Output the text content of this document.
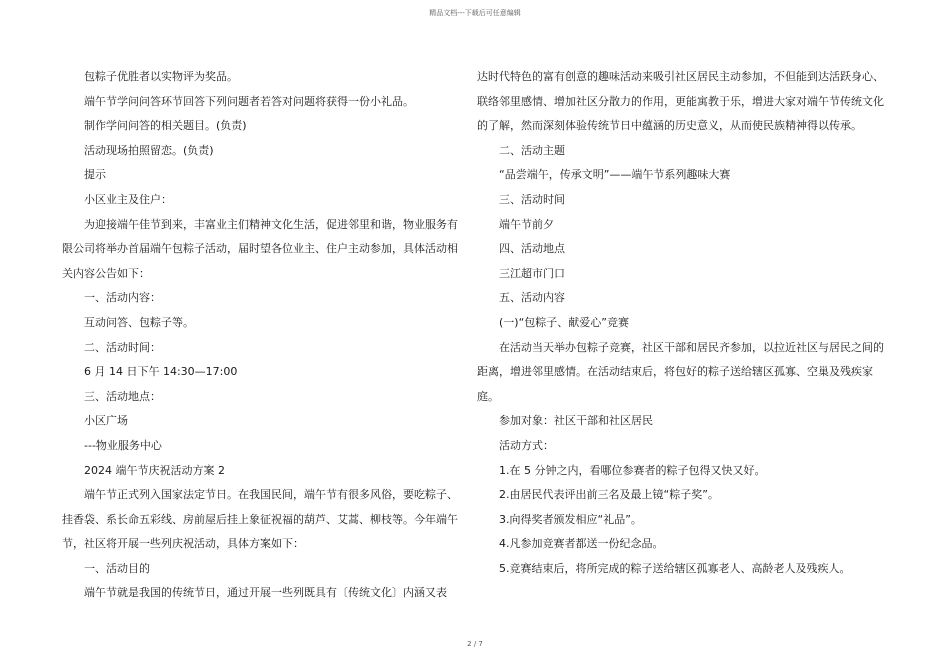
精品文档---下载后可任意编辑

包粽子优胜者以实物评为奖品。

端午节学问问答环节回答下列问题者若答对问题将获得一份小礼品。

制作学问问答的相关题目。(负责)

活动现场拍照留恋。(负责)

提示

小区业主及住户：

为迎接端午佳节到来，丰富业主们精神文化生活，促进邻里和谐，物业服务有限公司将举办首届端午包粽子活动，届时望各位业主、住户主动参加，具体活动相关内容公告如下：

一、活动内容：

互动问答、包粽子等。

二、活动时间：

6 月 14 日下午 14:30—17:00

三、活动地点：

小区广场

---物业服务中心

2024 端午节庆祝活动方案 2

端午节正式列入国家法定节日。在我国民间，端午节有很多风俗，要吃粽子、挂香袋、系长命五彩线、房前屋后挂上象征祝福的葫芦、艾蒿、柳枝等。今年端午节，社区将开展一些列庆祝活动，具体方案如下：

一、活动目的

端午节就是我国的传统节日，通过开展一些列既具有〔传统文化〕内涵又表

达时代特色的富有创意的趣味活动来吸引社区居民主动参加，不但能到达活跃身心、联络邻里感情、增加社区分散力的作用，更能寓教于乐，增进大家对端午节传统文化的了解，然而深刻体验传统节日中蕴涵的历史意义，从而使民族精神得以传承。

二、活动主题

“品尝端午，传承文明”——端午节系列趣味大赛

三、活动时间

端午节前夕

四、活动地点

三江超市门口

五、活动内容

(一)“包粽子、献爱心”竞赛

在活动当天举办包粽子竞赛，社区干部和居民齐参加，以拉近社区与居民之间的距离，增进邻里感情。在活动结束后，将包好的粽子送给辖区孤寡、空巢及残疾家庭。

参加对象：社区干部和社区居民

活动方式：

1.在 5 分钟之内，看哪位参赛者的粽子包得又快又好。

2.由居民代表评出前三名及最上镜“粽子奖”。

3.向得奖者颁发相应“礼品”。

4.凡参加竞赛者都送一份纪念品。

5.竞赛结束后，将所完成的粽子送给辖区孤寡老人、高龄老人及残疾人。

2 / 7
